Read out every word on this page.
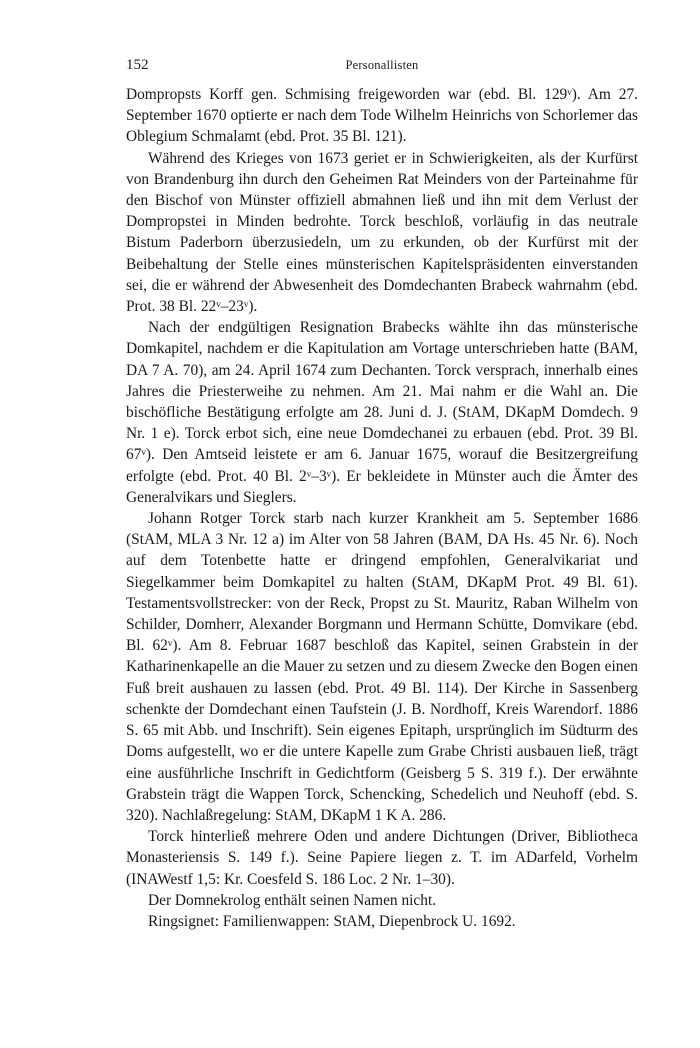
152	Personallisten

Dompropsts Korff gen. Schmising freigeworden war (ebd. Bl. 129ᵛ). Am 27. September 1670 optierte er nach dem Tode Wilhelm Heinrichs von Schorlemer das Oblegium Schmalamt (ebd. Prot. 35 Bl. 121).

Während des Krieges von 1673 geriet er in Schwierigkeiten, als der Kurfürst von Brandenburg ihn durch den Geheimen Rat Meinders von der Parteinahme für den Bischof von Münster offiziell abmahnen ließ und ihn mit dem Verlust der Dompropstei in Minden bedrohte. Torck beschloß, vorläufig in das neutrale Bistum Paderborn überzusiedeln, um zu erkunden, ob der Kurfürst mit der Beibehaltung der Stelle eines münsterischen Kapitelspräsidenten einverstanden sei, die er während der Abwesenheit des Domdechanten Brabeck wahrnahm (ebd. Prot. 38 Bl. 22ᵛ–23ᵛ).

Nach der endgültigen Resignation Brabecks wählte ihn das münsterische Domkapitel, nachdem er die Kapitulation am Vortage unterschrieben hatte (BAM, DA 7 A. 70), am 24. April 1674 zum Dechanten. Torck versprach, innerhalb eines Jahres die Priesterweihe zu nehmen. Am 21. Mai nahm er die Wahl an. Die bischöfliche Bestätigung erfolgte am 28. Juni d. J. (StAM, DKapM Domdech. 9 Nr. 1 e). Torck erbot sich, eine neue Domdechanei zu erbauen (ebd. Prot. 39 Bl. 67ᵛ). Den Amtseid leistete er am 6. Januar 1675, worauf die Besitzergreifung erfolgte (ebd. Prot. 40 Bl. 2ᵛ–3ᵛ). Er bekleidete in Münster auch die Ämter des Generalvikars und Sieglers.

Johann Rotger Torck starb nach kurzer Krankheit am 5. September 1686 (StAM, MLA 3 Nr. 12 a) im Alter von 58 Jahren (BAM, DA Hs. 45 Nr. 6). Noch auf dem Totenbette hatte er dringend empfohlen, Generalvikariat und Siegelkammer beim Domkapitel zu halten (StAM, DKapM Prot. 49 Bl. 61). Testamentsvollstrecker: von der Reck, Propst zu St. Mauritz, Raban Wilhelm von Schilder, Domherr, Alexander Borgmann und Hermann Schütte, Domvikare (ebd. Bl. 62ᵛ). Am 8. Februar 1687 beschloß das Kapitel, seinen Grabstein in der Katharinenkapelle an die Mauer zu setzen und zu diesem Zwecke den Bogen einen Fuß breit aushauen zu lassen (ebd. Prot. 49 Bl. 114). Der Kirche in Sassenberg schenkte der Domdechant einen Taufstein (J. B. Nordhoff, Kreis Warendorf. 1886 S. 65 mit Abb. und Inschrift). Sein eigenes Epitaph, ursprünglich im Südturm des Doms aufgestellt, wo er die untere Kapelle zum Grabe Christi ausbauen ließ, trägt eine ausführliche Inschrift in Gedichtform (Geisberg 5 S. 319 f.). Der erwähnte Grabstein trägt die Wappen Torck, Schencking, Schedelich und Neuhoff (ebd. S. 320). Nachlaßregelung: StAM, DKapM 1 K A. 286.

Torck hinterließ mehrere Oden und andere Dichtungen (Driver, Bibliotheca Monasteriensis S. 149 f.). Seine Papiere liegen z. T. im ADarfeld, Vorhelm (INAWestf 1,5: Kr. Coesfeld S. 186 Loc. 2 Nr. 1–30).

Der Domnekrolog enthält seinen Namen nicht.

Ringsignet: Familienwappen: StAM, Diepenbrock U. 1692.
